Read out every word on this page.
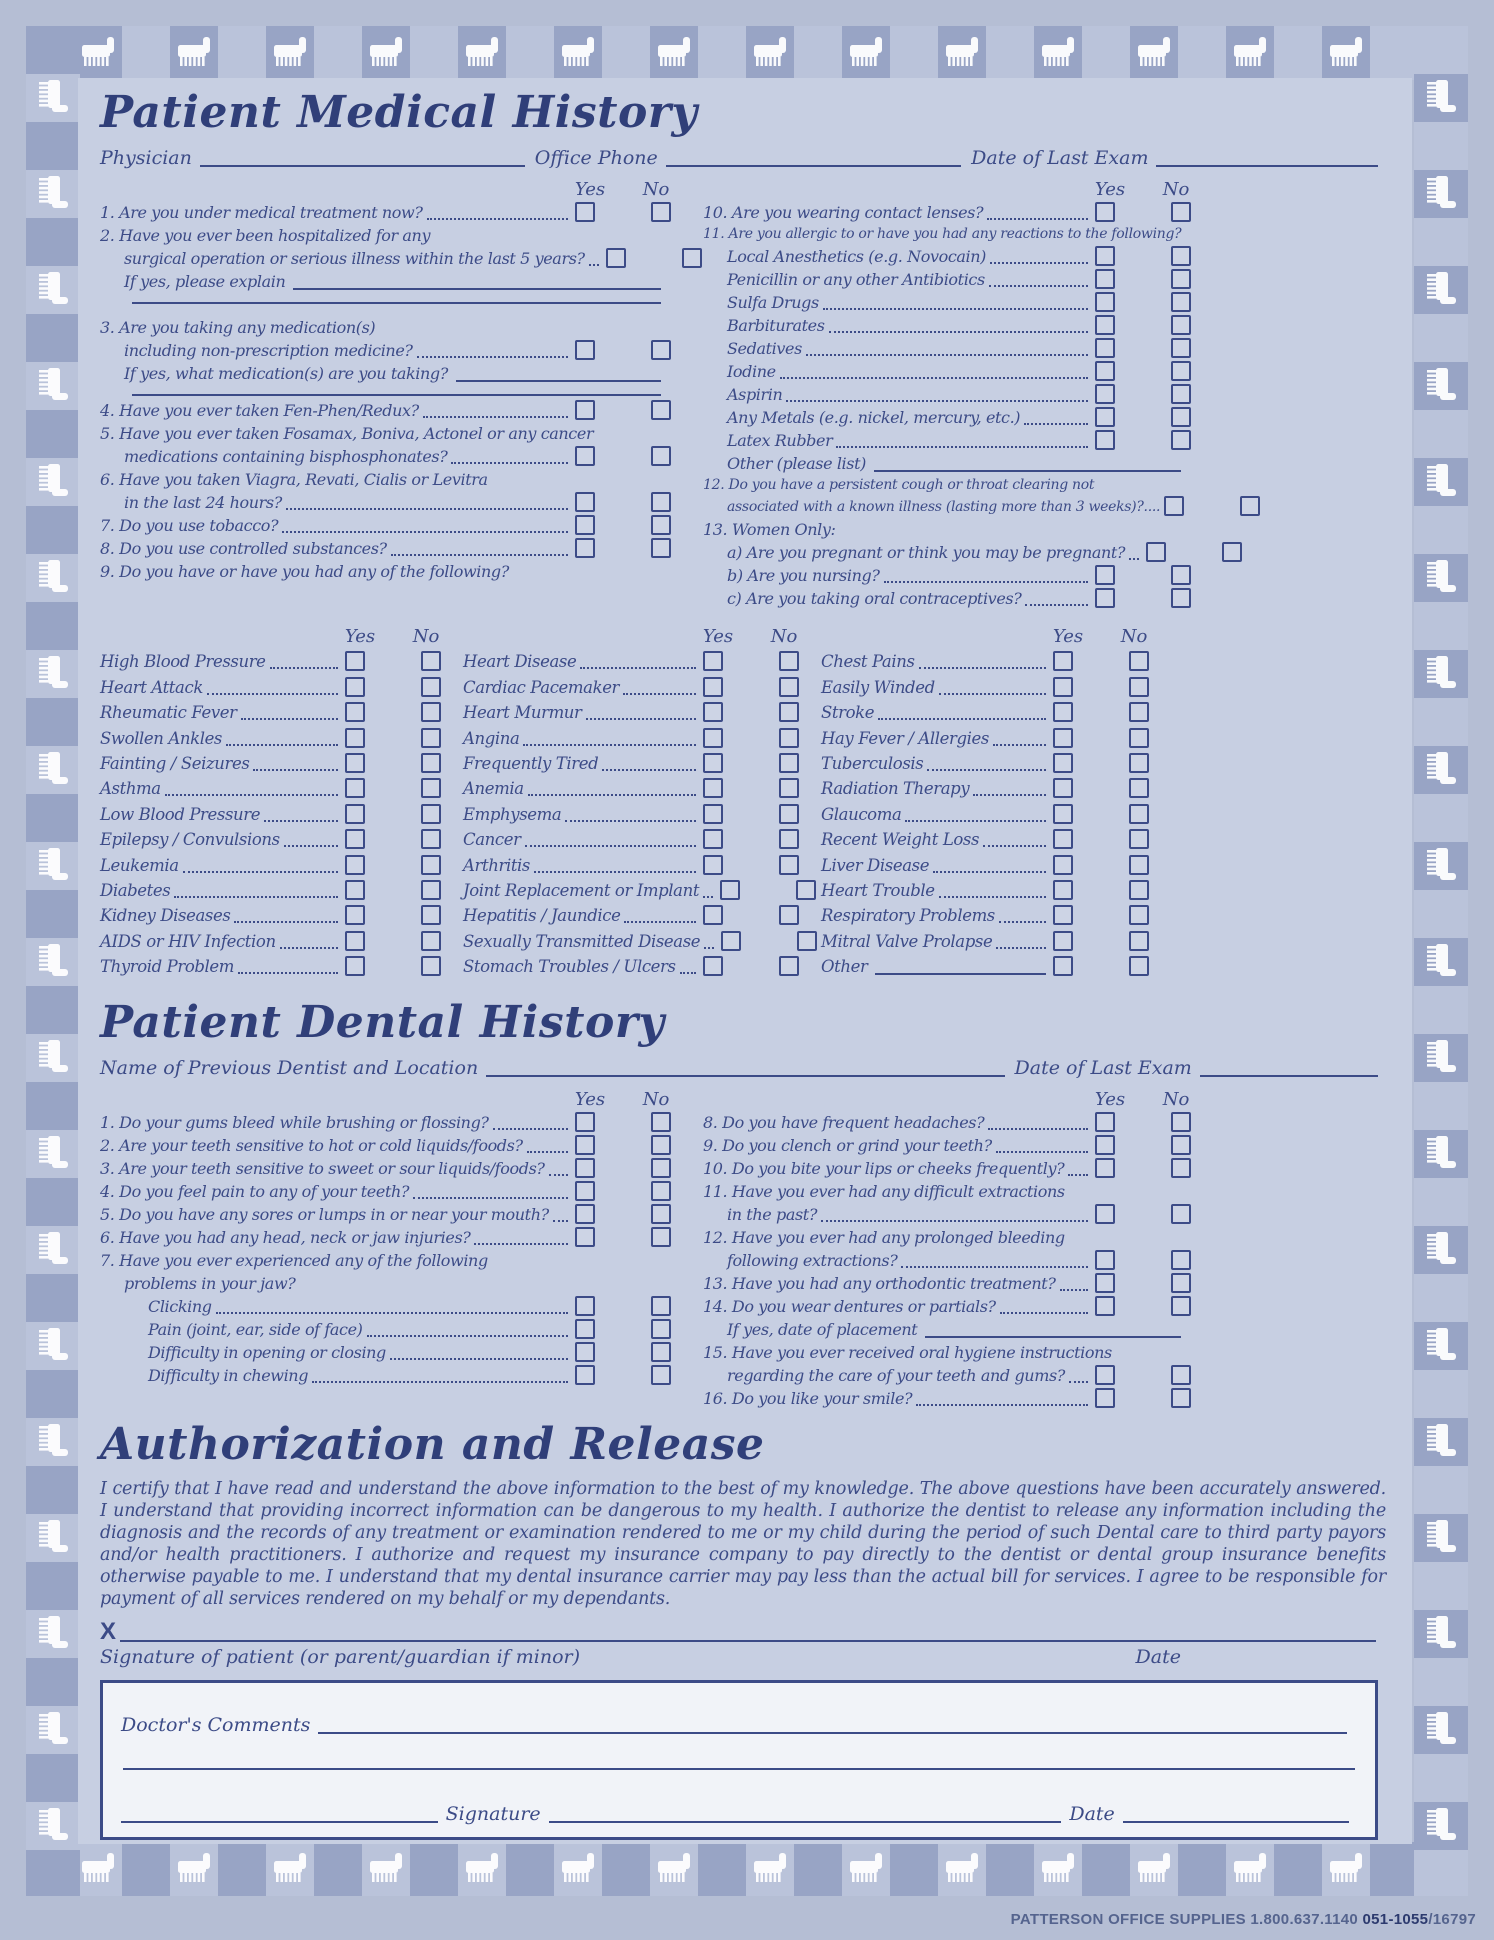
Patient Medical History
Physician	Office Phone	Date of Last Exam
Yes No
1. Are you under medical treatment now?
2. Have you ever been hospitalized for any
surgical operation or serious illness within the last 5 years?
If yes, please explain
3. Are you taking any medication(s)
including non-prescription medicine?
If yes, what medication(s) are you taking?
4. Have you ever taken Fen-Phen/Redux?
5. Have you ever taken Fosamax, Boniva, Actonel or any cancer
medications containing bisphosphonates?
6. Have you taken Viagra, Revati, Cialis or Levitra
in the last 24 hours?
7. Do you use tobacco?
8. Do you use controlled substances?
9. Do you have or have you had any of the following?
Yes No
10. Are you wearing contact lenses?
11. Are you allergic to or have you had any reactions to the following?
Local Anesthetics (e.g. Novocain)
Penicillin or any other Antibiotics
Sulfa Drugs
Barbiturates
Sedatives
Iodine
Aspirin
Any Metals (e.g. nickel, mercury, etc.)
Latex Rubber
Other (please list)
12. Do you have a persistent cough or throat clearing not
associated with a known illness (lasting more than 3 weeks)?....
13. Women Only:
a) Are you pregnant or think you may be pregnant?
b) Are you nursing?
c) Are you taking oral contraceptives?
Yes No
High Blood Pressure
Heart Attack
Rheumatic Fever
Swollen Ankles
Fainting / Seizures
Asthma
Low Blood Pressure
Epilepsy / Convulsions
Leukemia
Diabetes
Kidney Diseases
AIDS or HIV Infection
Thyroid Problem
Yes No
Heart Disease
Cardiac Pacemaker
Heart Murmur
Angina
Frequently Tired
Anemia
Emphysema
Cancer
Arthritis
Joint Replacement or Implant
Hepatitis / Jaundice
Sexually Transmitted Disease
Stomach Troubles / Ulcers
Yes No
Chest Pains
Easily Winded
Stroke
Hay Fever / Allergies
Tuberculosis
Radiation Therapy
Glaucoma
Recent Weight Loss
Liver Disease
Heart Trouble
Respiratory Problems
Mitral Valve Prolapse
Other
Patient Dental History
Name of Previous Dentist and Location	Date of Last Exam
Yes No
1. Do your gums bleed while brushing or flossing?
2. Are your teeth sensitive to hot or cold liquids/foods?
3. Are your teeth sensitive to sweet or sour liquids/foods?
4. Do you feel pain to any of your teeth?
5. Do you have any sores or lumps in or near your mouth?
6. Have you had any head, neck or jaw injuries?
7. Have you ever experienced any of the following
problems in your jaw?
Clicking
Pain (joint, ear, side of face)
Difficulty in opening or closing
Difficulty in chewing
Yes No
8. Do you have frequent headaches?
9. Do you clench or grind your teeth?
10. Do you bite your lips or cheeks frequently?
11. Have you ever had any difficult extractions
in the past?
12. Have you ever had any prolonged bleeding
following extractions?
13. Have you had any orthodontic treatment?
14. Do you wear dentures or partials?
If yes, date of placement
15. Have you ever received oral hygiene instructions
regarding the care of your teeth and gums?
16. Do you like your smile?
Authorization and Release

I certify that I have read and understand the above information to the best of my knowledge. The above questions have been accurately answered. I understand that providing incorrect information can be dangerous to my health. I authorize the dentist to release any information including the diagnosis and the records of any treatment or examination rendered to me or my child during the period of such Dental care to third party payors and/or health practitioners. I authorize and request my insurance company to pay directly to the dentist or dental group insurance benefits otherwise payable to me. I understand that my dental insurance carrier may pay less than the actual bill for services. I agree to be responsible for payment of all services rendered on my behalf or my dependants.

X
Signature of patient (or parent/guardian if minor)	Date
Doctor's Comments
Signature	Date
PATTERSON OFFICE SUPPLIES 1.800.637.1140 051-1055/16797
